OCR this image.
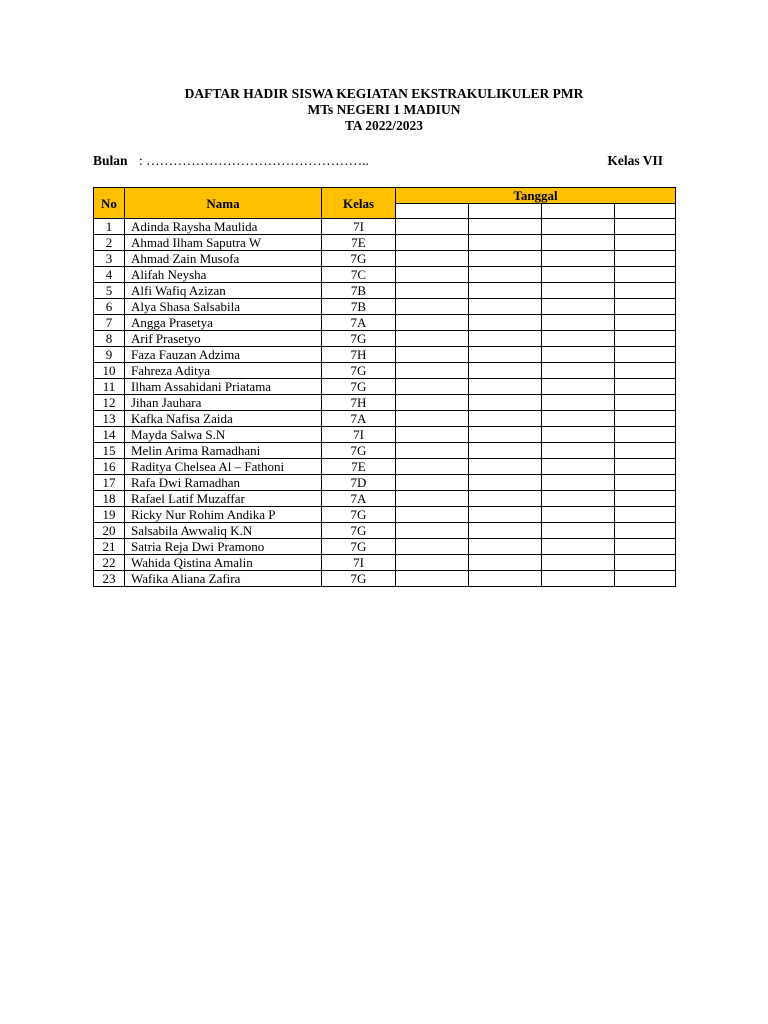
DAFTAR HADIR SISWA KEGIATAN EKSTRAKULIKULER PMR
MTs NEGERI 1 MADIUN
TA 2022/2023
Bulan : …………………………………………..	Kelas VII
No	Nama	Kelas	Tanggal			

1	Adinda Raysha Maulida	7I				
2	Ahmad Ilham Saputra W	7E				
3	Ahmad Zain Musofa	7G				
4	Alifah Neysha	7C				
5	Alfi Wafiq Azizan	7B				
6	Alya Shasa Salsabila	7B				
7	Angga Prasetya	7A				
8	Arif Prasetyo	7G				
9	Faza Fauzan Adzima	7H				
10	Fahreza Aditya	7G				
11	Ilham Assahidani Priatama	7G				
12	Jihan Jauhara	7H				
13	Kafka Nafisa Zaida	7A				
14	Mayda Salwa S.N	7I				
15	Melin Arima Ramadhani	7G				
16	Raditya Chelsea Al – Fathoni	7E				
17	Rafa Dwi Ramadhan	7D				
18	Rafael Latif Muzaffar	7A				
19	Ricky Nur Rohim Andika P	7G				
20	Salsabila Awwaliq K.N	7G				
21	Satria Reja Dwi Pramono	7G				
22	Wahida Qistina Amalin	7I				
23	Wafika Aliana Zafira	7G				
